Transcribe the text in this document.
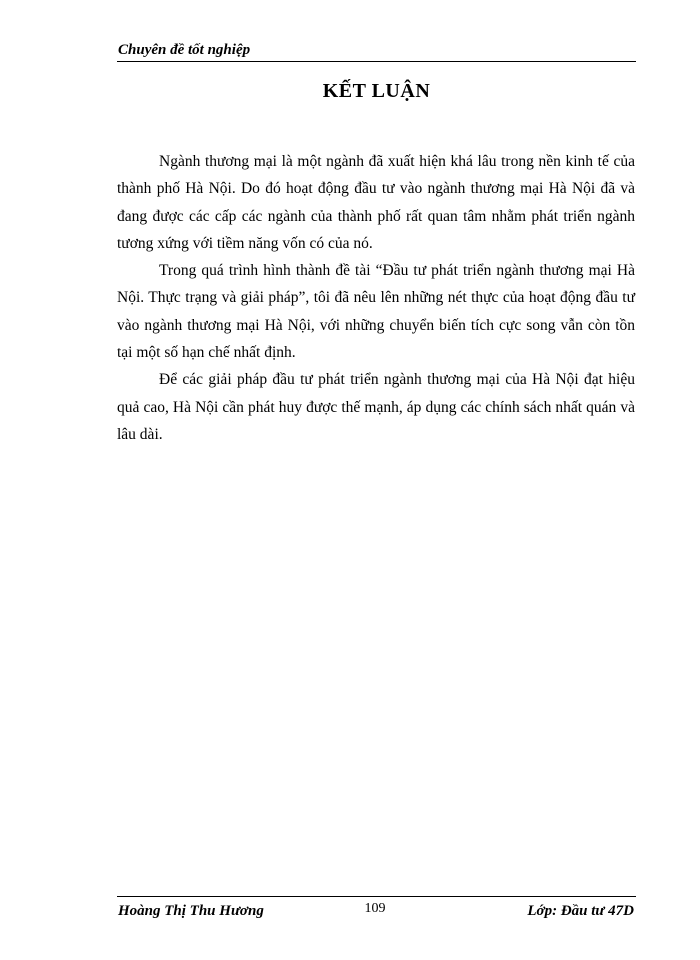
Chuyên đề tốt nghiệp
KẾT LUẬN

Ngành thương mại là một ngành đã xuất hiện khá lâu trong nền kinh tế của thành phố Hà Nội. Do đó hoạt động đầu tư vào ngành thương mại Hà Nội đã và đang được các cấp các ngành của thành phố rất quan tâm nhằm phát triển ngành tương xứng với tiềm năng vốn có của nó.

Trong quá trình hình thành đề tài “Đầu tư phát triển ngành thương mại Hà Nội. Thực trạng và giải pháp”, tôi đã nêu lên những nét thực của hoạt động đầu tư vào ngành thương mại Hà Nội, với những chuyển biến tích cực song vẫn còn tồn tại một số hạn chế nhất định.

Để các giải pháp đầu tư phát triển ngành thương mại của Hà Nội đạt hiệu quả cao, Hà Nội cần phát huy được thế mạnh, áp dụng các chính sách nhất quán và lâu dài.

Hoàng Thị Thu Hương	109	Lớp: Đầu tư 47D
